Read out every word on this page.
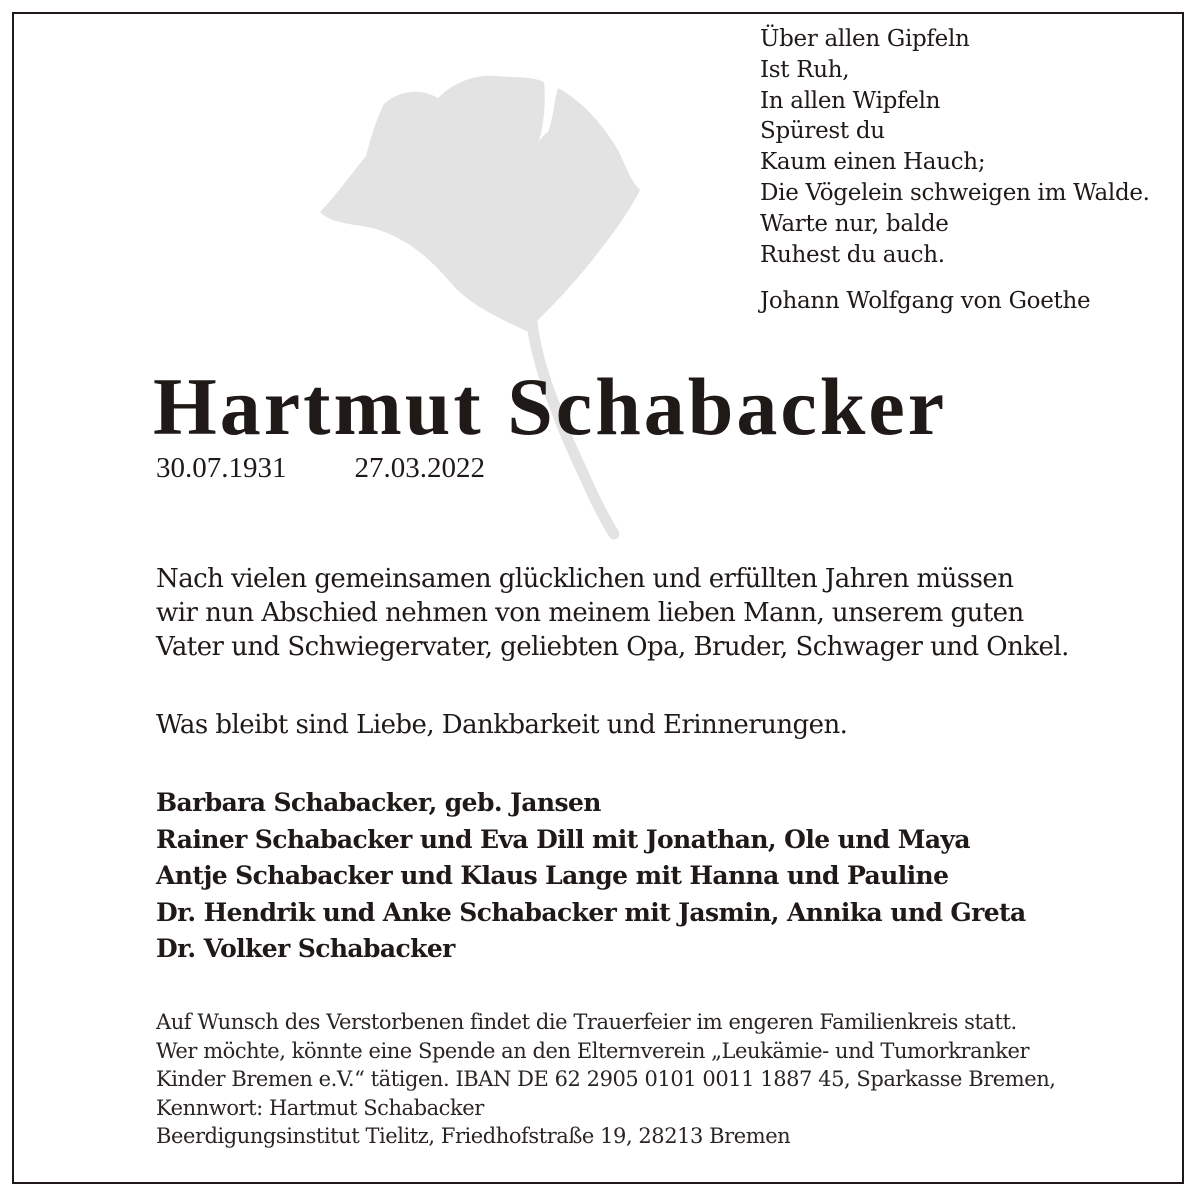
Über allen Gipfeln
Ist Ruh,
In allen Wipfeln
Spürest du
Kaum einen Hauch;
Die Vögelein schweigen im Walde.
Warte nur, balde
Ruhest du auch.
Johann Wolfgang von Goethe
Hartmut Schabacker
30.07.1931 27.03.2022
Nach vielen gemeinsamen glücklichen und erfüllten Jahren müssen
wir nun Abschied nehmen von meinem lieben Mann, unserem guten
Vater und Schwiegervater, geliebten Opa, Bruder, Schwager und Onkel.
Was bleibt sind Liebe, Dankbarkeit und Erinnerungen.
Barbara Schabacker, geb. Jansen
Rainer Schabacker und Eva Dill mit Jonathan, Ole und Maya
Antje Schabacker und Klaus Lange mit Hanna und Pauline
Dr. Hendrik und Anke Schabacker mit Jasmin, Annika und Greta
Dr. Volker Schabacker
Auf Wunsch des Verstorbenen findet die Trauerfeier im engeren Familienkreis statt.
Wer möchte, könnte eine Spende an den Elternverein „Leukämie- und Tumorkranker
Kinder Bremen e.V.“ tätigen. IBAN DE 62 2905 0101 0011 1887 45, Sparkasse Bremen,
Kennwort: Hartmut Schabacker
Beerdigungsinstitut Tielitz, Friedhofstraße 19, 28213 Bremen
